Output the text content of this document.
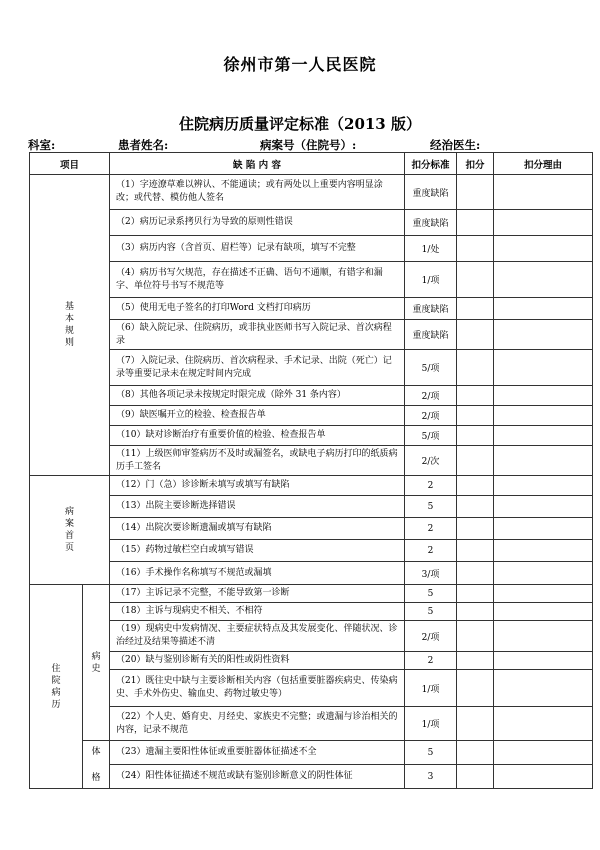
徐州市第一人民医院
住院病历质量评定标准（2013 版）
科室:	患者姓名:	病案号（住院号）:	经治医生:
项目		缺 陷 内 容	扣分标准	扣分	扣分理由

基
本
规
则		（1）字迹潦草难以辨认、不能通读；或有两处以上重要内容明显涂改；或代替、模仿他人签名	重度缺陷		
		（2）病历记录系拷贝行为导致的原则性错误	重度缺陷		
		（3）病历内容（含首页、眉栏等）记录有缺项，填写不完整	1/处		
		（4）病历书写欠规范，存在描述不正确、语句不通顺，有错字和漏字、单位符号书写不规范等	1/项		
		（5）使用无电子签名的打印Word 文档打印病历	重度缺陷		
		（6）缺入院记录、住院病历，或非执业医师书写入院记录、首次病程录	重度缺陷		
		（7）入院记录、住院病历、首次病程录、手术记录、出院（死亡）记录等重要记录未在规定时间内完成	5/项		
		（8）其他各项记录未按规定时限完成（除外 31 条内容）	2/项		
		（9）缺医嘱开立的检验、检查报告单	2/项		
		（10）缺对诊断治疗有重要价值的检验、检查报告单	5/项		
		（11）上级医师审签病历不及时或漏签名，或缺电子病历打印的纸质病历手工签名	2/次		

病
案
首
页		（12）门（急）诊诊断未填写或填写有缺陷	2		
		（13）出院主要诊断选择错误	5		
		（14）出院次要诊断遗漏或填写有缺陷	2		
		（15）药物过敏栏空白或填写错误	2		
		（16）手术操作名称填写不规范或漏填	3/项		

住
院
病
历	病
史	（17）主诉记录不完整，不能导致第一诊断	5		
		（18）主诉与现病史不相关、不相符	5		
		（19）现病史中发病情况、主要症状特点及其发展变化、伴随状况、诊治经过及结果等描述不清	2/项		
		（20）缺与鉴别诊断有关的阳性或阴性资料	2		
		（21）既往史中缺与主要诊断相关内容（包括重要脏器疾病史、传染病史、手术外伤史、输血史、药物过敏史等）	1/项		
		（22）个人史、婚育史、月经史、家族史不完整；或遗漏与诊治相关的内容，记录不规范	1/项		

	体
格	（23）遗漏主要阳性体征或重要脏器体征描述不全	5		
		（24）阳性体征描述不规范或缺有鉴别诊断意义的阴性体征	3		
